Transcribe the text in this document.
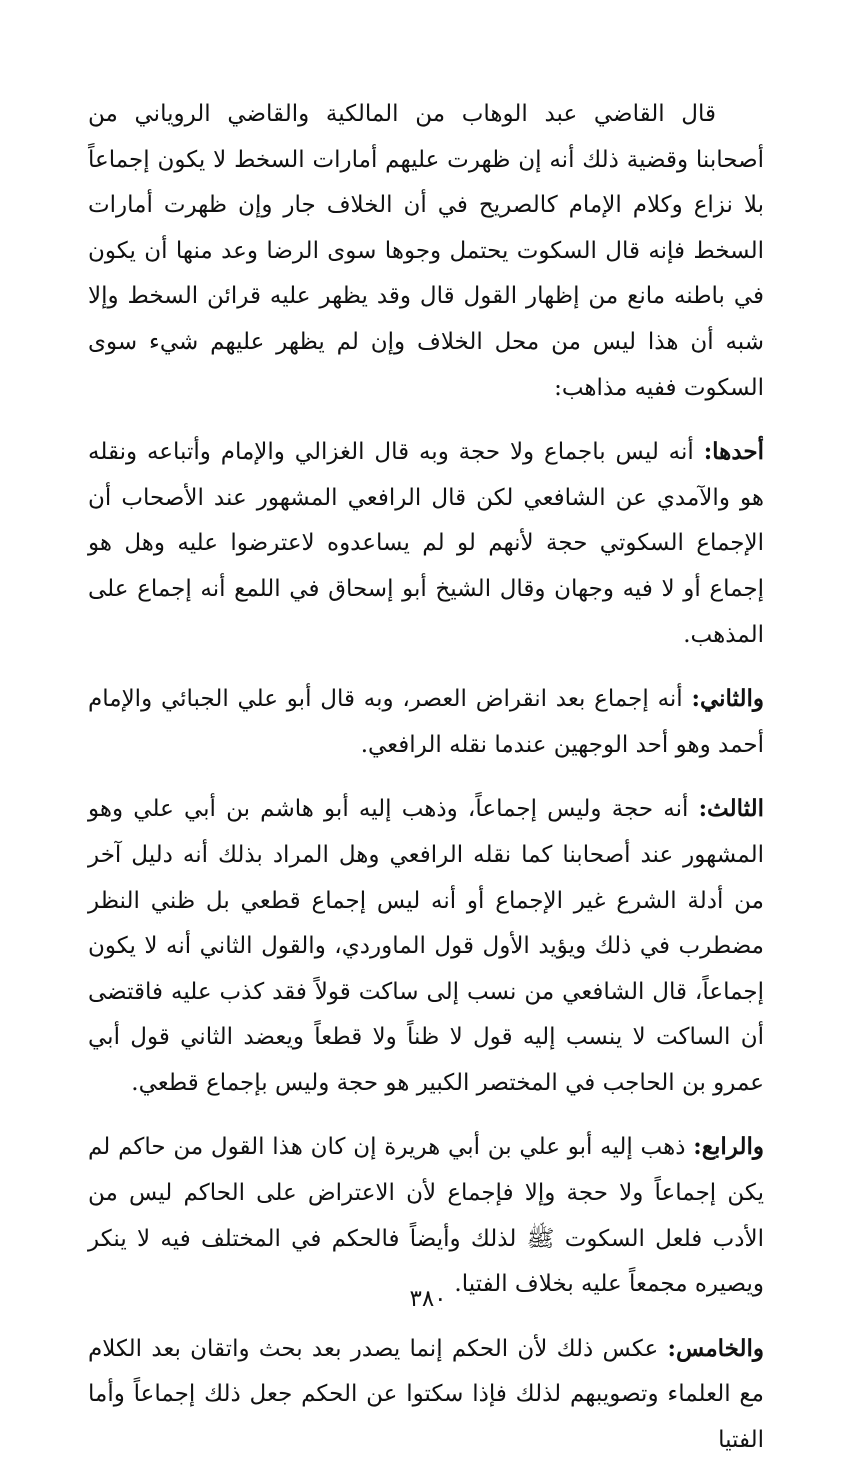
قال القاضي عبد الوهاب من المالكية والقاضي الروياني من أصحابنا وقضية ذلك أنه إن ظهرت عليهم أمارات السخط لا يكون إجماعاً بلا نزاع وكلام الإمام كالصريح في أن الخلاف جار وإن ظهرت أمارات السخط فإنه قال السكوت يحتمل وجوها سوى الرضا وعد منها أن يكون في باطنه مانع من إظهار القول قال وقد يظهر عليه قرائن السخط وإلا شبه أن هذا ليس من محل الخلاف وإن لم يظهر عليهم شيء سوى السكوت ففيه مذاهب:

أحدها: أنه ليس باجماع ولا حجة وبه قال الغزالي والإمام وأتباعه ونقله هو والآمدي عن الشافعي لكن قال الرافعي المشهور عند الأصحاب أن الإجماع السكوتي حجة لأنهم لو لم يساعدوه لاعترضوا عليه وهل هو إجماع أو لا فيه وجهان وقال الشيخ أبو إسحاق في اللمع أنه إجماع على المذهب.

والثاني: أنه إجماع بعد انقراض العصر، وبه قال أبو علي الجبائي والإمام أحمد وهو أحد الوجهين عندما نقله الرافعي.

الثالث: أنه حجة وليس إجماعاً، وذهب إليه أبو هاشم بن أبي علي وهو المشهور عند أصحابنا كما نقله الرافعي وهل المراد بذلك أنه دليل آخر من أدلة الشرع غير الإجماع أو أنه ليس إجماع قطعي بل ظني النظر مضطرب في ذلك ويؤيد الأول قول الماوردي، والقول الثاني أنه لا يكون إجماعاً، قال الشافعي من نسب إلى ساكت قولاً فقد كذب عليه فاقتضى أن الساكت لا ينسب إليه قول لا ظناً ولا قطعاً ويعضد الثاني قول أبي عمرو بن الحاجب في المختصر الكبير هو حجة وليس بإجماع قطعي.

والرابع: ذهب إليه أبو علي بن أبي هريرة إن كان هذا القول من حاكم لم يكن إجماعاً ولا حجة وإلا فإجماع لأن الاعتراض على الحاكم ليس من الأدب فلعل السكوت ﷺ لذلك وأيضاً فالحكم في المختلف فيه لا ينكر ويصيره مجمعاً عليه بخلاف الفتيا.

والخامس: عكس ذلك لأن الحكم إنما يصدر بعد بحث واتقان بعد الكلام مع العلماء وتصويبهم لذلك فإذا سكتوا عن الحكم جعل ذلك إجماعاً وأما الفتيا

٣٨٠
